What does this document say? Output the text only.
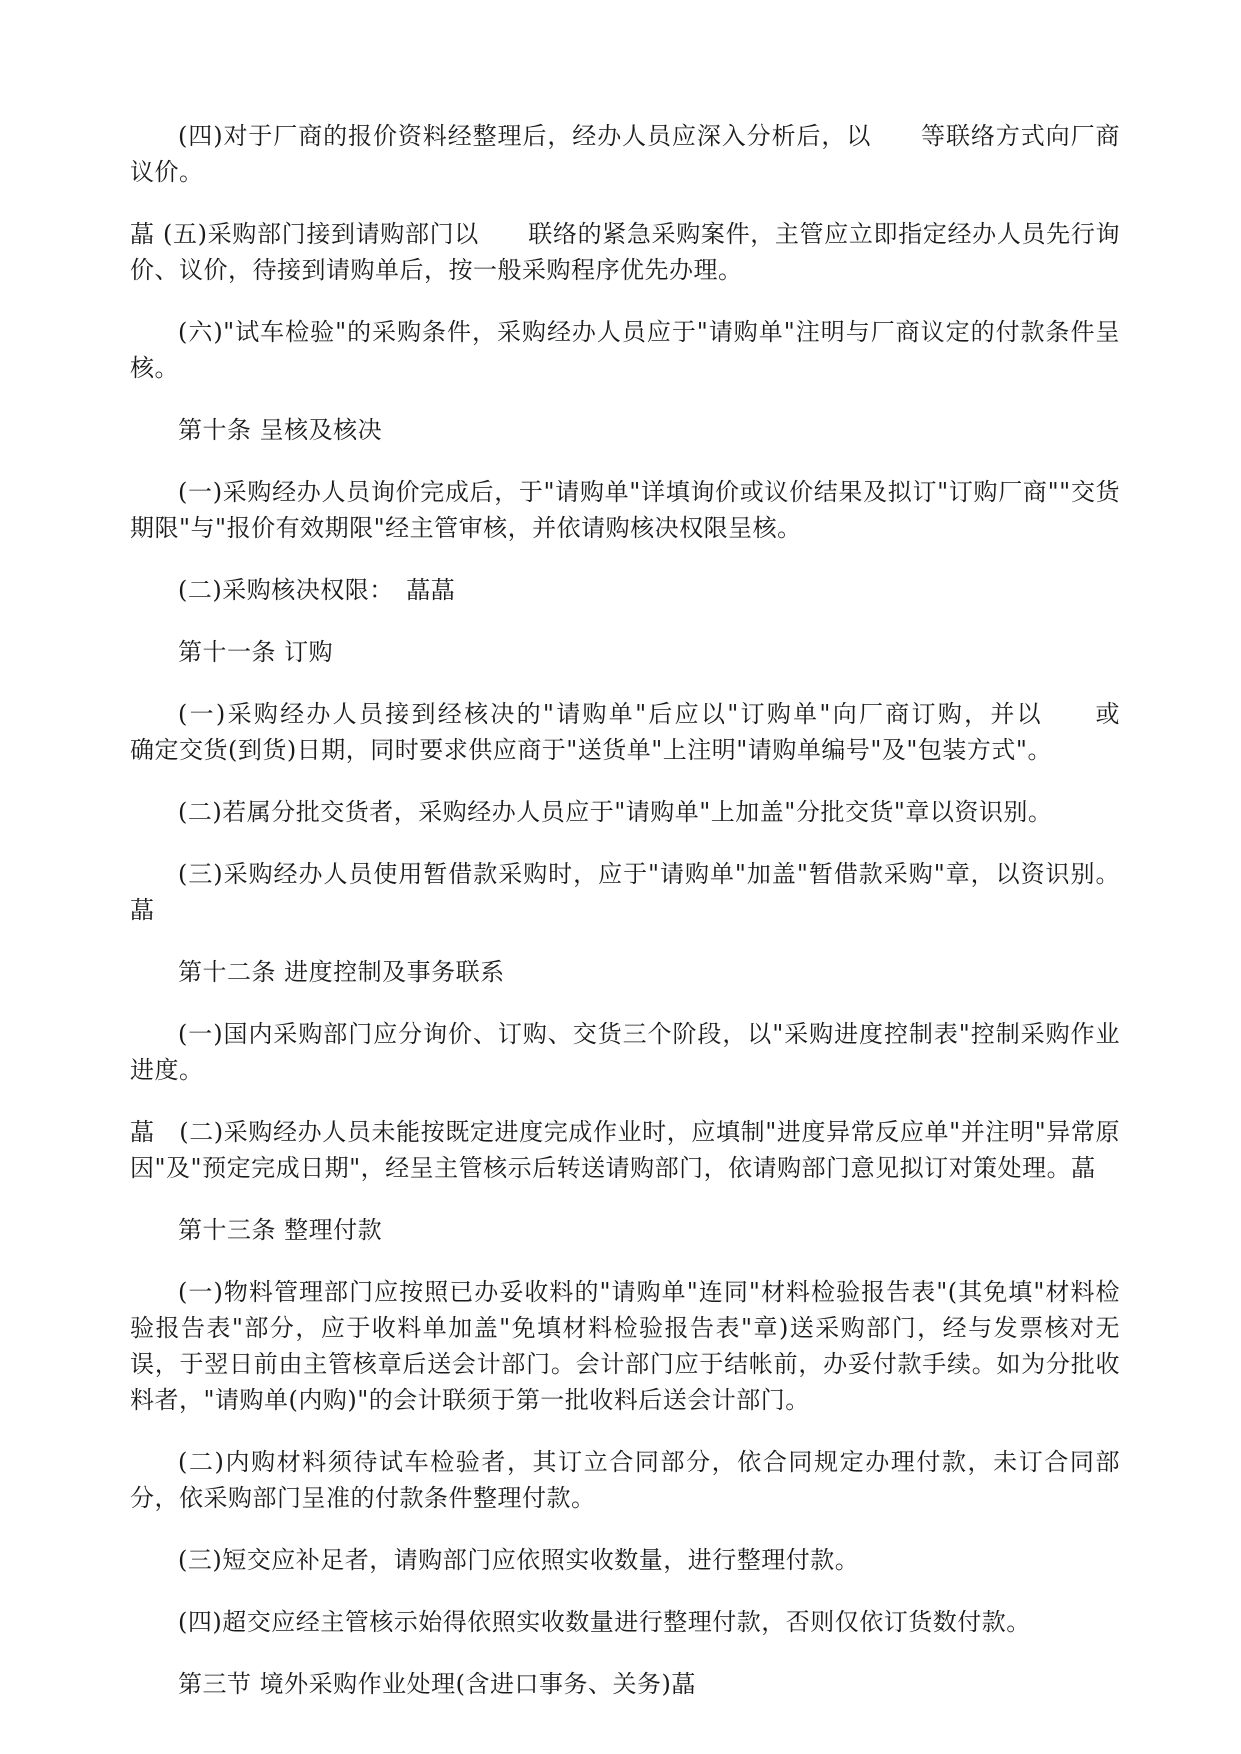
(四)对于厂商的报价资料经整理后，经办人员应深入分析后，以　　等联络方式向厂商议价。

蕌 (五)采购部门接到请购部门以　　联络的紧急采购案件，主管应立即指定经办人员先行询价、议价，待接到请购单后，按一般采购程序优先办理。

(六)"试车检验"的采购条件，采购经办人员应于"请购单"注明与厂商议定的付款条件呈核。

第十条 呈核及核决

(一)采购经办人员询价完成后，于"请购单"详填询价或议价结果及拟订"订购厂商""交货期限"与"报价有效期限"经主管审核，并依请购核决权限呈核。

(二)采购核决权限：　蕌蕌

第十一条 订购

(一)采购经办人员接到经核决的"请购单"后应以"订购单"向厂商订购，并以　　或　　确定交货(到货)日期，同时要求供应商于"送货单"上注明"请购单编号"及"包装方式"。

(二)若属分批交货者，采购经办人员应于"请购单"上加盖"分批交货"章以资识别。

(三)采购经办人员使用暂借款采购时，应于"请购单"加盖"暂借款采购"章，以资识别。蕌

第十二条 进度控制及事务联系

(一)国内采购部门应分询价、订购、交货三个阶段，以"采购进度控制表"控制采购作业进度。

蕌　(二)采购经办人员未能按既定进度完成作业时，应填制"进度异常反应单"并注明"异常原因"及"预定完成日期"，经呈主管核示后转送请购部门，依请购部门意见拟订对策处理。蕌

第十三条 整理付款

(一)物料管理部门应按照已办妥收料的"请购单"连同"材料检验报告表"(其免填"材料检验报告表"部分，应于收料单加盖"免填材料检验报告表"章)送采购部门，经与发票核对无误，于翌日前由主管核章后送会计部门。会计部门应于结帐前，办妥付款手续。如为分批收料者，"请购单(内购)"的会计联须于第一批收料后送会计部门。

(二)内购材料须待试车检验者，其订立合同部分，依合同规定办理付款，未订合同部分，依采购部门呈准的付款条件整理付款。

(三)短交应补足者，请购部门应依照实收数量，进行整理付款。

(四)超交应经主管核示始得依照实收数量进行整理付款，否则仅依订货数付款。

第三节 境外采购作业处理(含进口事务、关务)蕌
